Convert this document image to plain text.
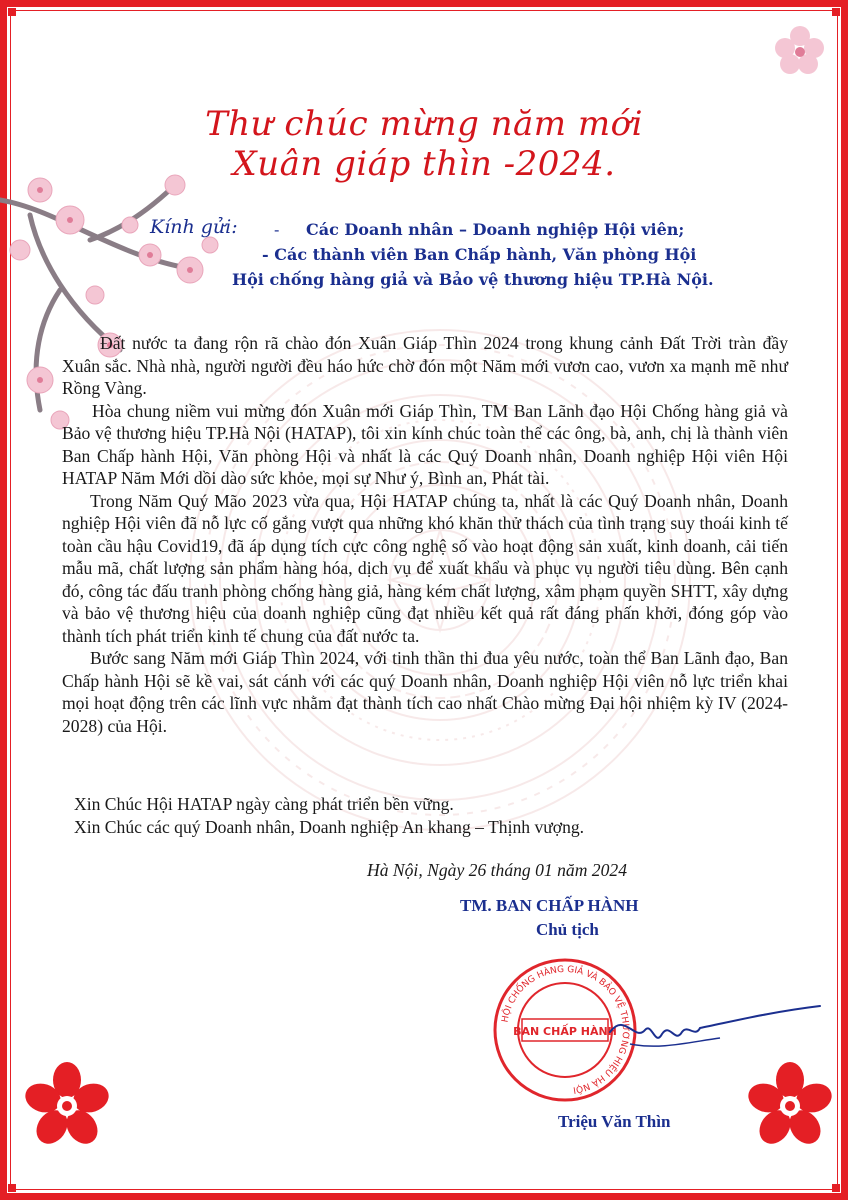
Thư chúc mừng năm mới
Xuân giáp thìn -2024.
Kính gửi: - Các Doanh nhân – Doanh nghiệp Hội viên;
- Các thành viên Ban Chấp hành, Văn phòng Hội
Hội chống hàng giả và Bảo vệ thương hiệu TP.Hà Nội.

Đất nước ta đang rộn rã chào đón Xuân Giáp Thìn 2024 trong khung cảnh Đất Trời tràn đầy Xuân sắc. Nhà nhà, người người đều háo hức chờ đón một Năm mới vươn cao, vươn xa mạnh mẽ như Rồng Vàng.

Hòa chung niềm vui mừng đón Xuân mới Giáp Thìn, TM Ban Lãnh đạo Hội Chống hàng giả và Bảo vệ thương hiệu TP.Hà Nội (HATAP), tôi xin kính chúc toàn thể các ông, bà, anh, chị là thành viên Ban Chấp hành Hội, Văn phòng Hội và nhất là các Quý Doanh nhân, Doanh nghiệp Hội viên Hội HATAP Năm Mới dồi dào sức khỏe, mọi sự Như ý, Bình an, Phát tài.

Trong Năm Quý Mão 2023 vừa qua, Hội HATAP chúng ta, nhất là các Quý Doanh nhân, Doanh nghiệp Hội viên đã nỗ lực cố gắng vượt qua những khó khăn thử thách của tình trạng suy thoái kinh tế toàn cầu hậu Covid19, đã áp dụng tích cực công nghệ số vào hoạt động sản xuất, kinh doanh, cải tiến mẫu mã, chất lượng sản phẩm hàng hóa, dịch vụ để xuất khẩu và phục vụ người tiêu dùng. Bên cạnh đó, công tác đấu tranh phòng chống hàng giả, hàng kém chất lượng, xâm phạm quyền SHTT, xây dựng và bảo vệ thương hiệu của doanh nghiệp cũng đạt nhiều kết quả rất đáng phấn khởi, đóng góp vào thành tích phát triển kinh tế chung của đất nước ta.

Bước sang Năm mới Giáp Thìn 2024, với tinh thần thi đua yêu nước, toàn thể Ban Lãnh đạo, Ban Chấp hành Hội sẽ kề vai, sát cánh với các quý Doanh nhân, Doanh nghiệp Hội viên nỗ lực triển khai mọi hoạt động trên các lĩnh vực nhằm đạt thành tích cao nhất Chào mừng Đại hội nhiệm kỳ IV (2024-2028) của Hội.

Xin Chúc Hội HATAP ngày càng phát triển bền vững.
Xin Chúc các quý Doanh nhân, Doanh nghiệp An khang – Thịnh vượng.
Hà Nội, Ngày 26 tháng 01 năm 2024
TM. BAN CHẤP HÀNH
Chủ tịch
HỘI CHỐNG HÀNG GIẢ VÀ BẢO VỆ THƯƠNG HIỆU HÀ NỘI
BAN CHẤP HÀNH
Triệu Văn Thìn
